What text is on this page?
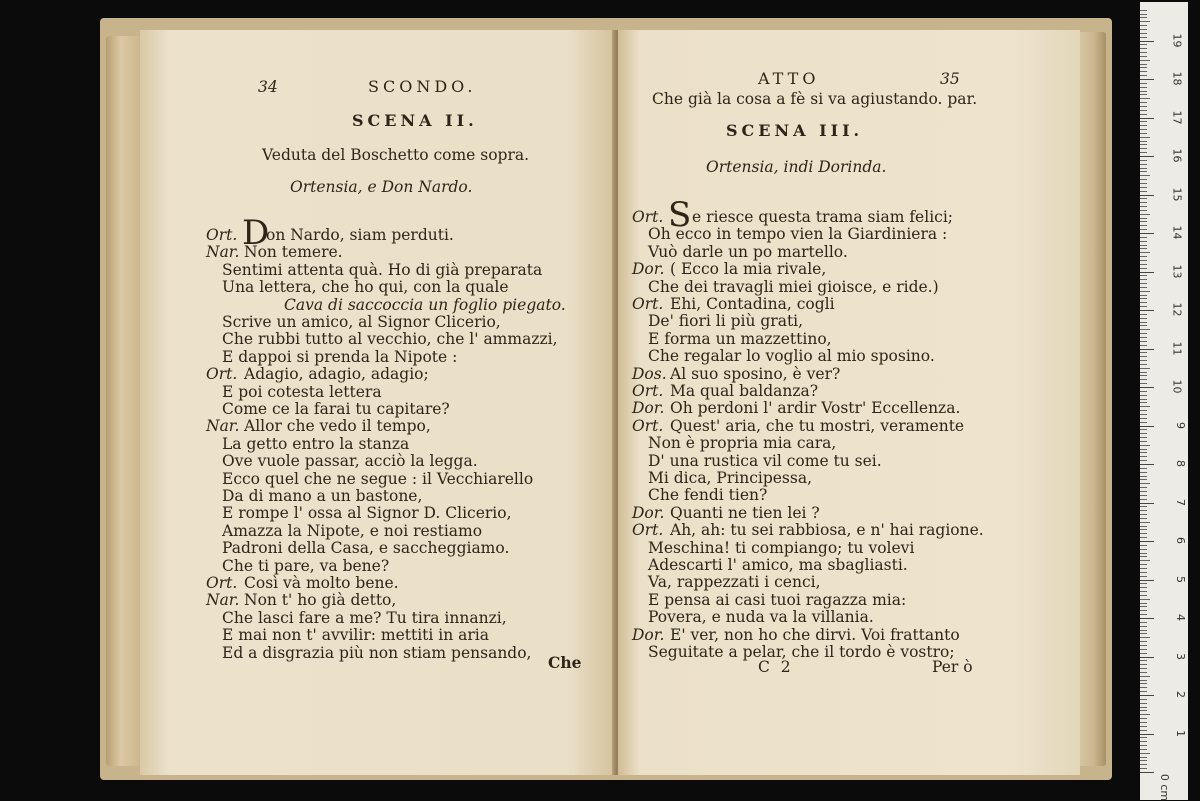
34	SCONDO.
SCENA II.
Veduta del Boschetto come sopra.
Ortensia, e Don Nardo.
Ort. D
on Nardo, siam perduti.
Nar. Non temere.
Sentimi attenta quà. Ho di già preparata
Una lettera, che ho qui, con la quale
Cava di saccoccia un foglio piegato.
Scrive un amico, al Signor Clicerio,
Che rubbi tutto al vecchio, che l' ammazzi,
E dappoi si prenda la Nipote :
Ort. Adagio, adagio, adagio;
E poi cotesta lettera
Come ce la farai tu capitare?
Nar. Allor che vedo il tempo,
La getto entro la stanza
Ove vuole passar, acciò la legga.
Ecco quel che ne segue : il Vecchiarello
Da di mano a un bastone,
E rompe l' ossa al Signor D. Clicerio,
Amazza la Nipote, e noi restiamo
Padroni della Casa, e saccheggiamo.
Che ti pare, va bene?
Ort. Così và molto bene.
Nar. Non t' ho già detto,
Che lasci fare a me? Tu tira innanzi,
E mai non t' avvilir: mettiti in aria
Ed a disgrazia più non stiam pensando,
Che
ATTO	35
Che già la cosa a fè si va agiustando. par.
SCENA III.
Ortensia, indi Dorinda.
Ort. S e riesce questa trama siam felici;
Oh ecco in tempo vien la Giardiniera :
Vuò darle un po martello.
Dor. ( Ecco la mia rivale,
Che dei travagli miei gioisce, e ride.)
Ort. Ehi, Contadina, cogli
De' fiori li più grati,
E forma un mazzettino,
Che regalar lo voglio al mio sposino.
Dos. Al suo sposino, è ver?
Ort. Ma qual baldanza?
Dor. Oh perdoni l' ardir Vostr' Eccellenza.
Ort. Quest' aria, che tu mostri, veramente
Non è propria mia cara,
D' una rustica vil come tu sei.
Mi dica, Principessa,
Che fendi tien?
Dor. Quanti ne tien lei ?
Ort. Ah, ah: tu sei rabbiosa, e n' hai ragione.
Meschina! ti compiango; tu volevi
Adescarti l' amico, ma sbagliasti.
Va, rappezzati i cenci,
E pensa ai casi tuoi ragazza mia:
Povera, e nuda va la villania.
Dor. E' ver, non ho che dirvi. Voi frattanto
Seguitate a pelar, che il tordo è vostro;
C 2	Per ò
0 cm
1
2
3
4
5
6
7
8
9
10
11
12
13
14
15
16
17
18
19
